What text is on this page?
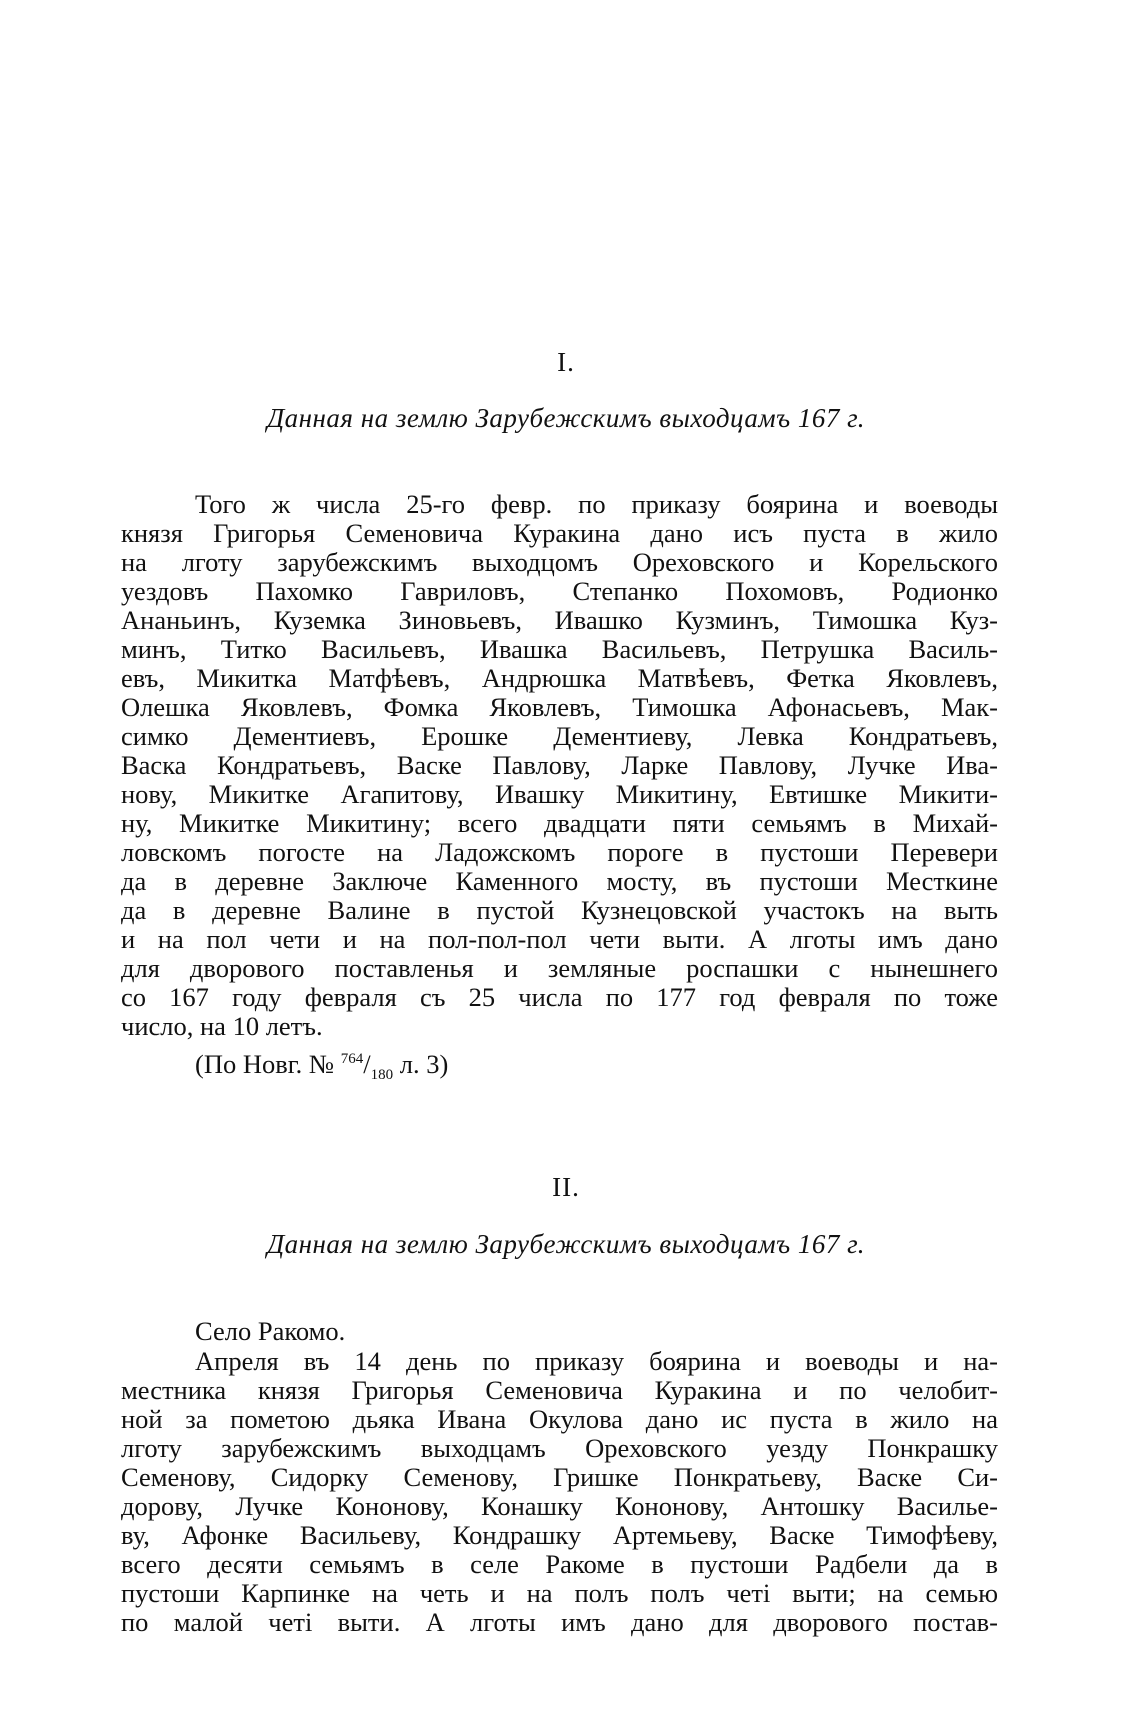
I.
Данная на землю Зарубежскимъ выходцамъ 167 г.
Того ж числа 25-го февр. по приказу боярина и воеводы
князя Григорья Семеновича Куракина дано исъ пуста в жило
на лготу зарубежскимъ выходцомъ Ореховского и Корельского
уездовъ Пахомко Гавриловъ, Степанко Похомовъ, Родионко
Ананьинъ, Куземка Зиновьевъ, Ивашко Кузминъ, Тимошка Куз-
минъ, Титко Васильевъ, Ивашка Васильевъ, Петрушка Василь-
евъ, Микитка Матфѣевъ, Андрюшка Матвѣевъ, Фетка Яковлевъ,
Олешка Яковлевъ, Фомка Яковлевъ, Тимошка Афонасьевъ, Мак-
симко Дементиевъ, Ерошке Дементиеву, Левка Кондратьевъ,
Васка Кондратьевъ, Васке Павлову, Ларке Павлову, Лучке Ива-
нову, Микитке Агапитову, Ивашку Микитину, Евтишке Микити-
ну, Микитке Микитину; всего двадцати пяти семьямъ в Михай-
ловскомъ погосте на Ладожскомъ пороге в пустоши Перевери
да в деревне Заключе Каменного мосту, въ пустоши Месткине
да в деревне Валине в пустой Кузнецовской участокъ на выть
и на пол чети и на пол-пол-пол чети выти. А лготы имъ дано
для дворового поставленья и земляные роспашки с нынешнего
со 167 году февраля съ 25 числа по 177 год февраля по тоже
число, на 10 летъ.
(По Новг. № $^{764}/_{180}$ л. 3)
II.
Данная на землю Зарубежскимъ выходцамъ 167 г.
Село Ракомо.
Апреля въ 14 день по приказу боярина и воеводы и на-
местника князя Григорья Семеновича Куракина и по челобит-
ной за пометою дьяка Ивана Окулова дано ис пуста в жило на
лготу зарубежскимъ выходцамъ Ореховского уезду Понкрашку
Семенову, Сидорку Семенову, Гришке Понкратьеву, Васке Си-
дорову, Лучке Кононову, Конашку Кононову, Антошку Василье-
ву, Афонке Васильеву, Кондрашку Артемьеву, Васке Тимофѣеву,
всего десяти семьямъ в селе Ракоме в пустоши Радбели да в
пустоши Карпинке на четь и на полъ полъ четі выти; на семью
по малой четі выти. А лготы имъ дано для дворового постав-
